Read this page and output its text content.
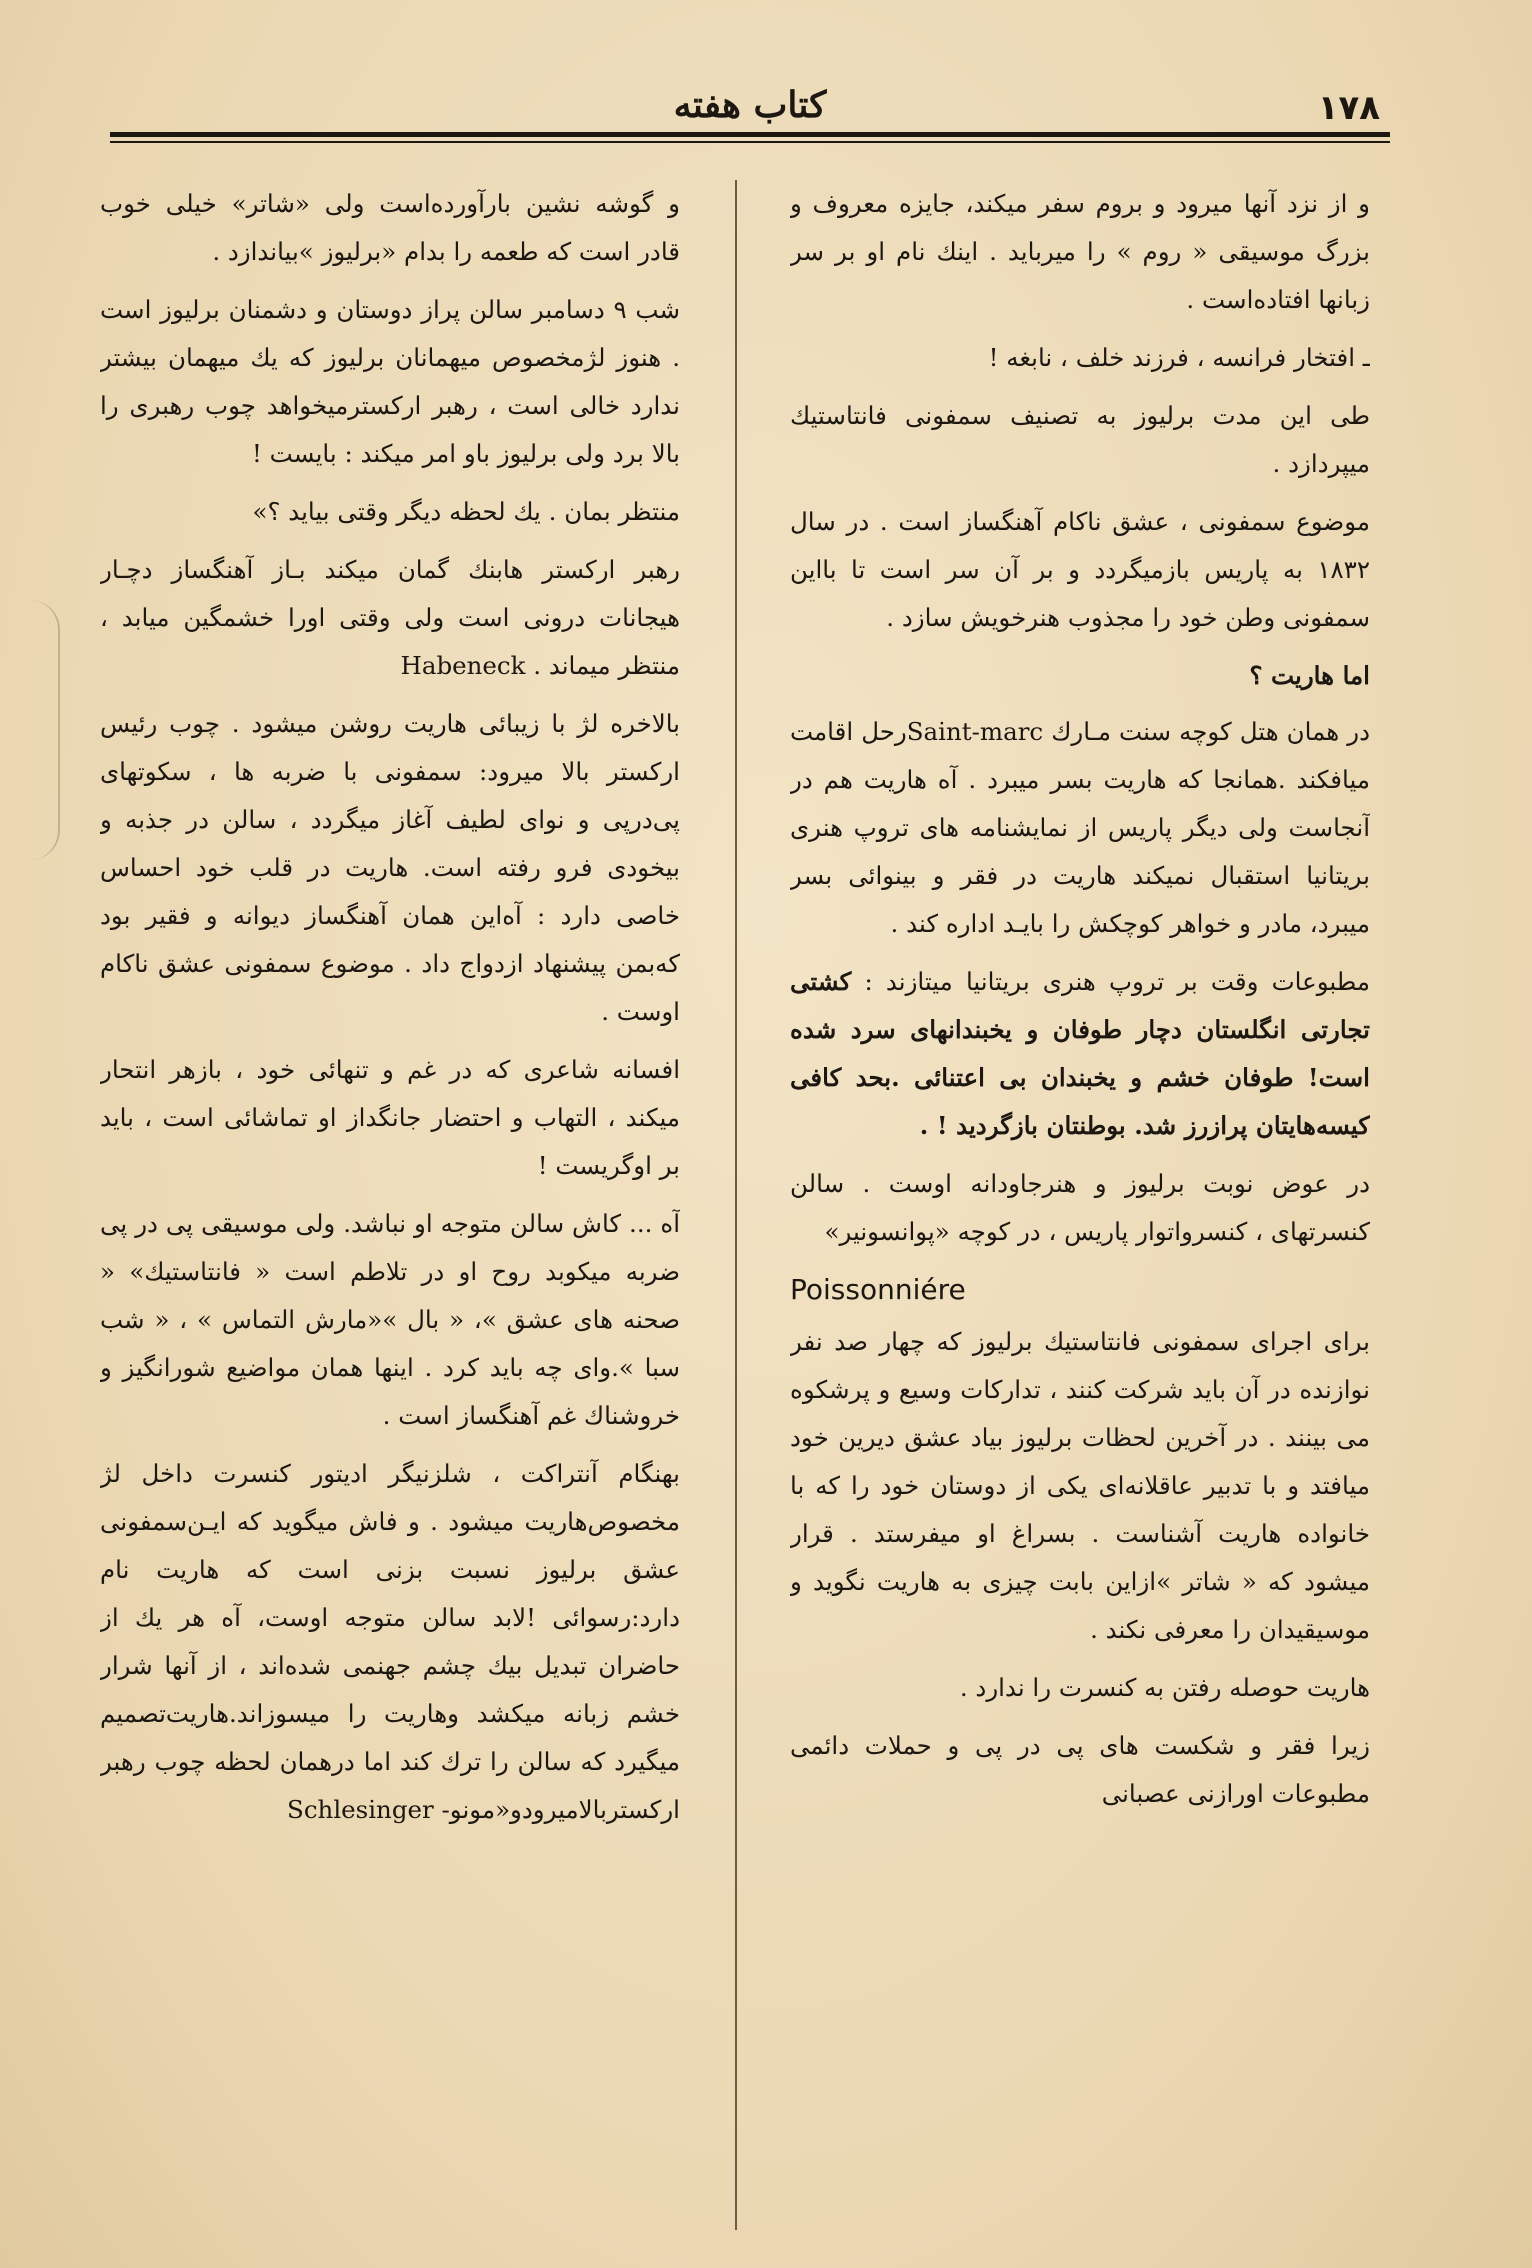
۱۷۸
کتاب هفته

و از نزد آنها میرود و بروم سفر میکند، جایزه معروف و بزرگ موسیقی « روم » را میرباید . اینك نام او بر سر زبانها افتاده‌است .

ـ افتخار فرانسه ، فرزند خلف ، نابغه !

طی این مدت برلیوز به تصنیف سمفونی فانتاستیك میپردازد .

موضوع سمفونی ، عشق ناکام آهنگساز است . در سال ۱۸۳۲ به پاریس بازمیگردد و بر آن سر است تا بااین سمفونی وطن خود را مجذوب هنرخویش سازد .

اما هاریت ؟

در همان هتل کوچه سنت مـارك Saint-marcرحل اقامت میافکند .همانجا که هاریت بسر میبرد . آه هاریت هم در آنجاست ولی دیگر پاریس از نمایشنامه های تروپ هنری بریتانیا استقبال نمیکند هاریت در فقر و بینوائی بسر میبرد، مادر و خواهر کوچکش را بایـد اداره کند .

مطبوعات وقت بر تروپ هنری بریتانیا میتازند : کشتی تجارتی انگلستان دچار طوفان و یخبندانهای سرد شده است! طوفان خشم و یخبندان بی اعتنائی .بحد کافی کیسه‌هایتان پرازرز شد. بوطنتان بازگردید ! .

در عوض نوبت برلیوز و هنرجاودانه اوست . سالن کنسرتهای ، کنسرواتوار پاریس ، در کوچه «پوانسونیر»

Poissonniére

برای اجرای سمفونی فانتاستیك برلیوز که چهار صد نفر نوازنده در آن باید شرکت کنند ، تدارکات وسیع و پرشکوه می بینند . در آخرین لحظات برلیوز بیاد عشق دیرین خود میافتد و با تدبیر عاقلانه‌ای یکی از دوستان خود را که با خانواده هاریت آشناست . بسراغ او میفرستد . قرار میشود که « شاتر »ازاین بابت چیزی به هاریت نگوید و موسیقیدان را معرفی نکند .

هاریت حوصله رفتن به کنسرت را ندارد .

زیرا فقر و شکست های پی در پی و حملات دائمی مطبوعات اورازنی عصبانی

و گوشه نشین بارآورده‌است ولی «شاتر» خیلی خوب قادر است که طعمه را بدام «برلیوز »بیاندازد .

شب ۹ دسامبر سالن پراز دوستان و دشمنان برلیوز است . هنوز لژمخصوص میهمانان برلیوز که یك میهمان بیشتر ندارد خالی است ، رهبر ارکسترمیخواهد چوب رهبری را بالا برد ولی برلیوز باو امر میکند : بایست !

منتظر بمان . یك لحظه دیگر وقتی بیاید ؟»

رهبر ارکستر هابنك گمان میکند بـاز آهنگساز دچـار هیجانات درونی است ولی وقتی اورا خشمگین میابد ، منتظر میماند . Habeneck

بالاخره لژ با زیبائی هاریت روشن میشود . چوب رئیس ارکستر بالا میرود: سمفونی با ضربه ها ، سکوتهای پی‌درپی و نوای لطیف آغاز میگردد ، سالن در جذبه و بیخودی فرو رفته است. هاریت در قلب خود احساس خاصی دارد : آه‌این همان آهنگساز دیوانه و فقیر بود که‌بمن پیشنهاد ازدواج داد . موضوع سمفونی عشق ناکام اوست .

افسانه شاعری که در غم و تنهائی خود ، بازهر انتحار میکند ، التهاب و احتضار جانگداز او تماشائی است ، باید بر اوگریست !

آه ... کاش سالن متوجه او نباشد. ولی موسیقی پی در پی ضربه میکوبد روح او در تلاطم است « فانتاستیك» « صحنه های عشق »، « بال »«مارش التماس » ، « شب سبا ».وای چه باید کرد . اینها همان مواضیع شورانگیز و خروشناك غم آهنگساز است .

بهنگام آنتراکت ، شلزنیگر ادیتور کنسرت داخل لژ مخصوص‌هاریت میشود . و فاش میگوید که ایـن‌سمفونی عشق برلیوز نسبت بزنی است که هاریت نام دارد:رسوائی !لابد سالن متوجه اوست، آه هر یك از حاضران تبدیل بیك چشم جهنمی شده‌اند ، از آنها شرار خشم زبانه میکشد وهاریت را میسوزاند.هاریت‌تصمیم میگیرد که سالن را ترك کند اما درهمان لحظه چوب رهبر ارکستربالامیرودو«مونو- Schlesinger
